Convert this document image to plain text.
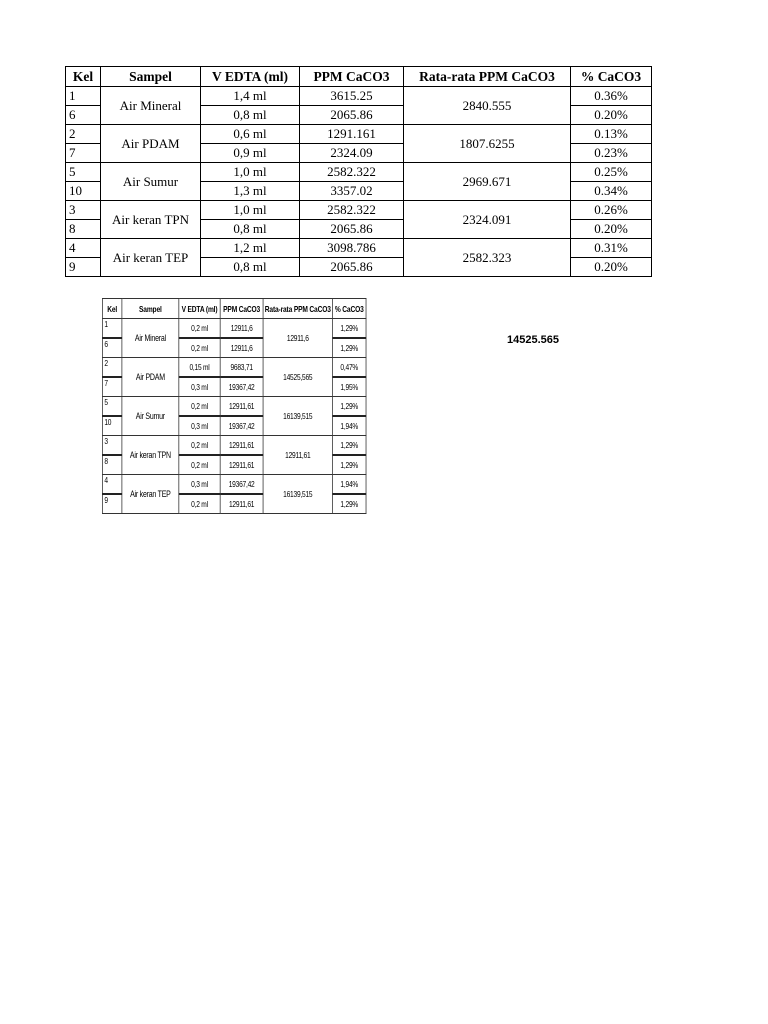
Kel	Sampel	V EDTA (ml)	PPM CaCO3	Rata-rata PPM CaCO3	% CaCO3
1	Air Mineral	1,4 ml	3615.25	2840.555	0.36%
6		0,8 ml	2065.86		0.20%
2	Air PDAM	0,6 ml	1291.161	1807.6255	0.13%
7		0,9 ml	2324.09		0.23%
5	Air Sumur	1,0 ml	2582.322	2969.671	0.25%
10		1,3 ml	3357.02		0.34%
3	Air keran TPN	1,0 ml	2582.322	2324.091	0.26%
8		0,8 ml	2065.86		0.20%
4	Air keran TEP	1,2 ml	3098.786	2582.323	0.31%
9		0,8 ml	2065.86		0.20%
Kel	Sampel	V EDTA (ml)	PPM CaCO3	Rata-rata PPM CaCO3	% CaCO3
1	Air Mineral	0,2 ml	12911,6	12911,6	1,29%
6		0,2 ml	12911,6		1,29%
2	Air PDAM	0,15 ml	9683,71	14525,565	0,47%
7		0,3 ml	19367,42		1,95%
5	Air Sumur	0,2 ml	12911,61	16139,515	1,29%
10		0,3 ml	19367,42		1,94%
3	Air keran TPN	0,2 ml	12911,61	12911,61	1,29%
8		0,2 ml	12911,61		1,29%
4	Air keran TEP	0,3 ml	19367,42	16139,515	1,94%
9		0,2 ml	12911,61		1,29%
14525.565
